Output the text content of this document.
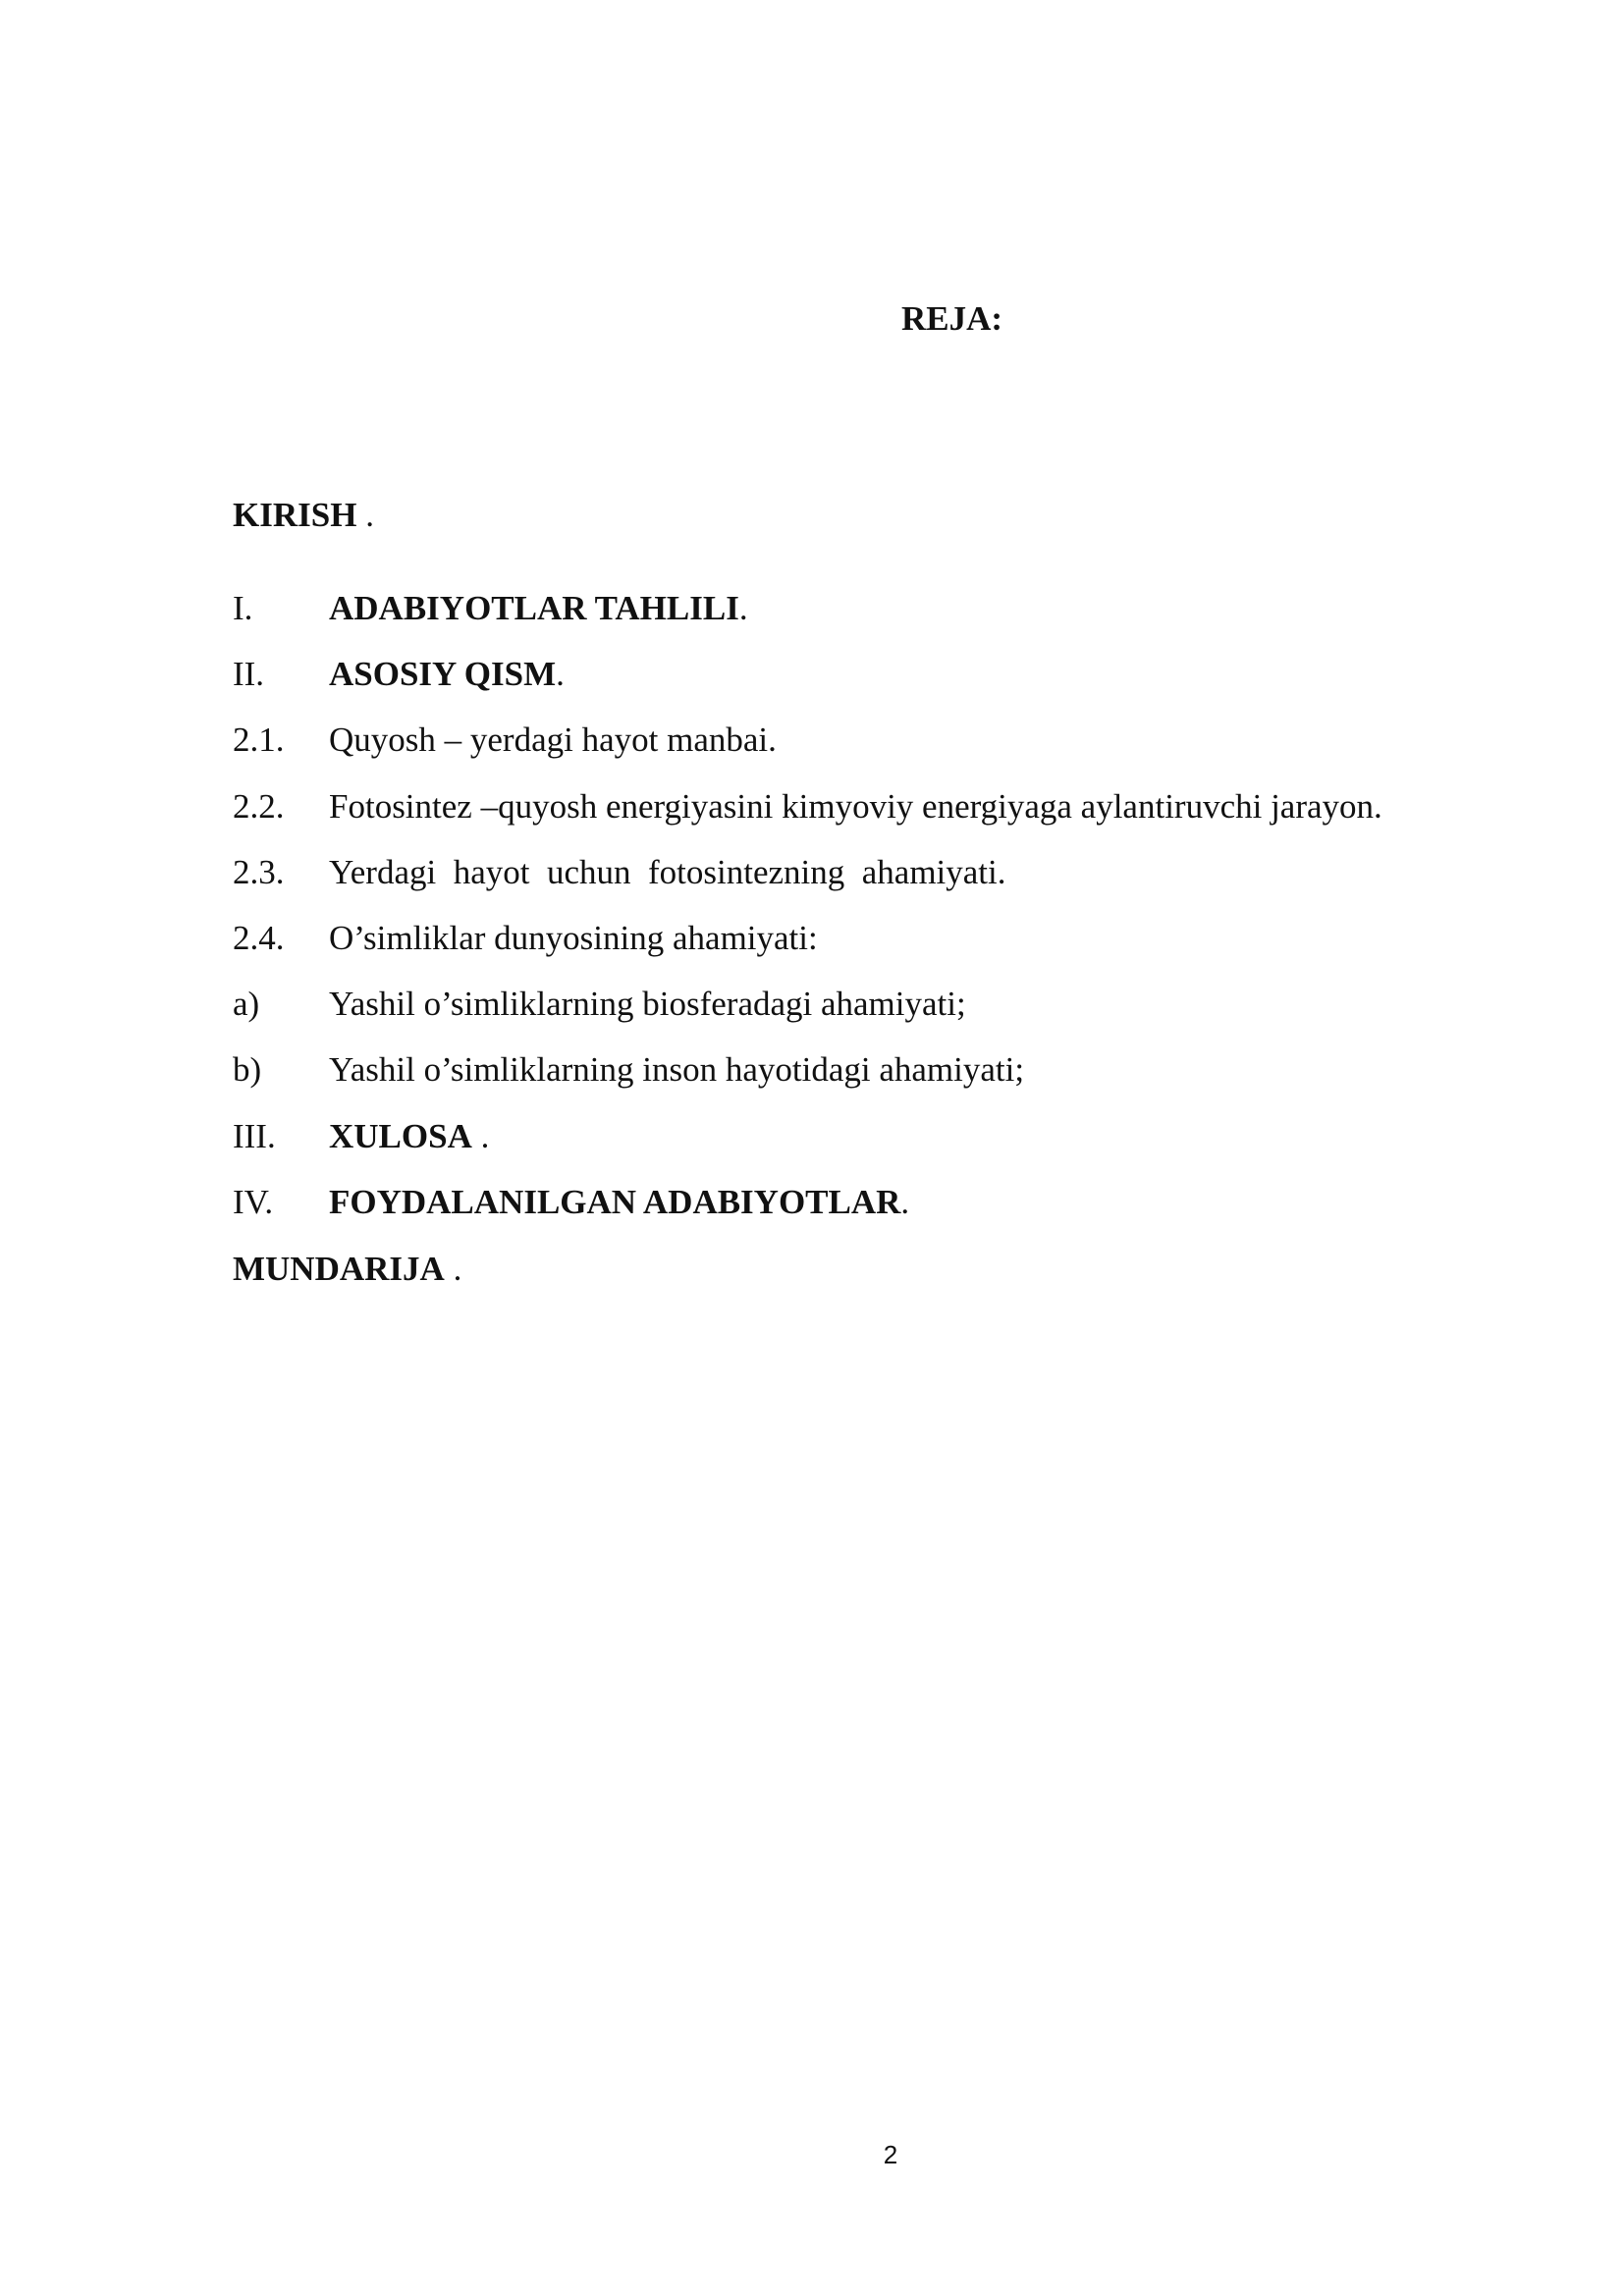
REJA:
KIRISH .
I. ADABIYOTLAR TAHLILI.
II. ASOSIY QISM.
2.1. Quyosh – yerdagi hayot manbai.
2.2. Fotosintez –quyosh energiyasini kimyoviy energiyaga aylantiruvchi jarayon.
2.3. Yerdagi  hayot  uchun  fotosintezning  ahamiyati.
2.4. O’simliklar dunyosining ahamiyati:
a) Yashil o’simliklarning biosferadagi ahamiyati;
b) Yashil o’simliklarning inson hayotidagi ahamiyati;
III. XULOSA .
IV. FOYDALANILGAN ADABIYOTLAR.
MUNDARIJA .
2
